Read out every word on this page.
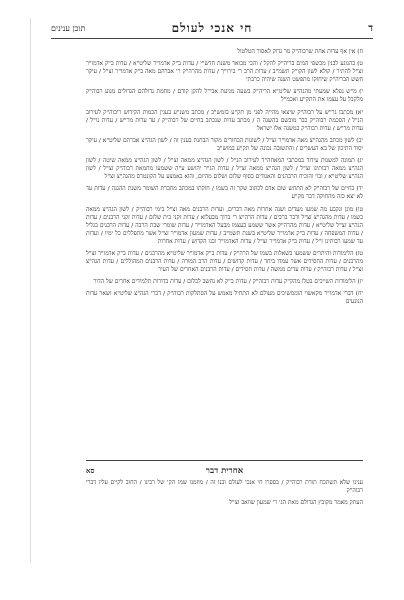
ד
חי אנכי לעולם
תוכן ענינים

ח) אין אף עדות אחת שרבוה"ק מר גדוק לאסור הטלטול

ט) בהנוגע לבנין מכשפי המים בריה"ק להקל / והכי מבואר משנת חדש"י / עדות ב"ק אדמו"ר שליט"א / עדות ב"ק אדמו"ר זצ"ל להתיר / קולא לשון הקו"ק תשמ"ב / עדות הרב ר' בירו"ך / עדות מהרה"ק ר' אברהם מאה ב"ק אדמו"ר זצ"ל / עיקר חשש הבריה"ק שיחזקו מתפשט השנה שיהיה כרבתי

י) מ"ש נפלא שמעתי מהגה"צ שליט"א הריה"ק בשעה מניעת אבי"ל להקן קודם / מחמת גדולהם הגדולים מנוע רבוה"ק מלקבל על עצמו את התק"ע ואכמ"ל

יא) מכתבו גר"ש על רבוה"ק שיצאו מהייה לפני מן תק"ע בזמש"ב / מכתב משנ"ע בענין הכמות הקידוש ריבוה"ק לעירוב הנ"ל / הסכמת רבוה"ק כבר מוכשם בהשנה ה / מכתב עדות שנכתב בחיים של רבוה"ק / עד עדות מר"ש / עדות נו"ל / עדות מר"ש / עדות רבוה"ק במשנה אלו ישראל

יב) לשון מכתב מהגה"צ מאה אדמו"ר זצ"ל / לשונות הבחורים מקור הבחנת בענין זה / לשון הגה"צ אברהם שליט"א / עיקר יסוד התיכון של בא העשרים / והתשובה נכונה של תק"ע במוש"ב

יג) תמונה למשנות עידוד במכתבי המאחה"ד לעירוב הנ"ל / לשון הגה"צ ממאה זצ"ל / לשון הגה"צ ממאה שיטה / לשון הגה"צ ממאה רבותינו זצ"ל / לשון הגה"צ ממאה זצ"ל / עדות הג"ר יהושע ע"ה ששמעו מחמאת רבוה"ק זצ"ל / לשון הגה"צ שליט"א / ובו' והוכיח הרבהנים והאגודים בסוף שלום ושלום מהיום, והוא באמצע על הקונטרס מהגה"צ זצ"ל

יד) בחיים של רבוה"ק לא התחש שום אדם לכתוב שקר זה בשמו / חוקתו במכתב מחברת השומר משנת ההגנה / עדות עד לא יצא כזה מהחוקה דבר מק"ע

טו) מוגן ונקבע מה שמעו מעדים ושנה אחרות מאה דברים, ועדות הרבנים מאה זצ"ל בימי רבוה"ק / לשון הגה"צ ממאה בשמו / עדות מהגה"צ זצ"ל ודבר ברבים / עדות הרה"צ ר' ברוך מבעלזא / עדות זקני בית שלום / עדות זקני הרבנים / עדות הגה"צ זצ"ל שליט"א / עדות מהרה"ק אשר ששמע בעצמו מבעל האדמו"ר / עדות שומרי שבת הרבה / עדות הרבנים בגליל / עדות המשפחה / עדות ב"ק אדמו"ר שליט"א בשנת תשמ"ב / עדות שמעון אדמו"ר זצ"ל אשר מתפללים כל ימיו / ועדות עד שמעו רבותינו ז"ל / עדות ב"ק אדמו"ר זצ"ל / עדות האדמו"ר ובנו הקדוש / עדות אחרות

טז) הלימודות והיתרים ששמעו בשאלות בשמו של הרה"ק / עדות ב"ק אדמו"ר שליט"א מהרבנים / עדות ב"ק אדמו"ר זצ"ל מהרבנים / עדות החסידים אשר עמדו ביחד / עדות קדושים / עדות הרב המורה / עדות הרבנים המהוללים / עדות הגה"צ זצ"ל / עדות רבוה"ק / עדות עדים ממשה / עדות חסידים / עדות הרבנים האחרים של העיר

יז) הלימודות השייכים בטלו מהק"ק עדות רבוה"ק / עדות ב"ק לא נחשב לכלום / עדות בדורות תלמידים אחרים של הדור

יח) דברי אדמו"ר מקאשוי הוממשיכים מעולם לא התחיל מאמש על הסתלקות רבוה"ק / דברי הגה"צ שליט"א ושאר עדות הנוגעים

אחרית דבר
סא

ענינו שלא תשתכח תורת רבוה"ק / בספרו חי אנכי לעולם ובנו זה / מוזמנו שמו הק' של רבינו / החוב לקיים עליו דברי רבוה"ק

העתק מאמר מקובץ הגדולם מאת הג' ר' שמעון שוואב זצ"ל
